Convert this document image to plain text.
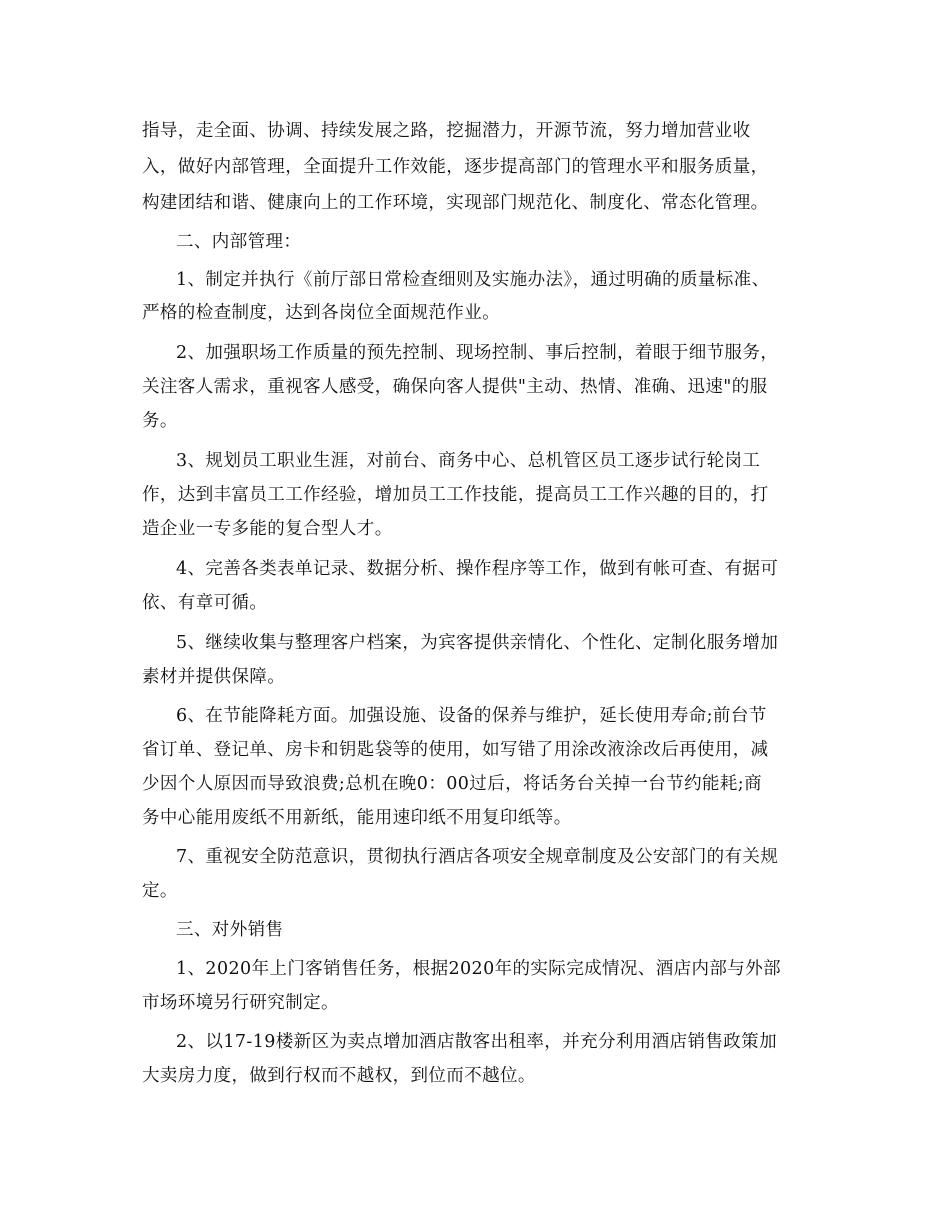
指导，走全面、协调、持续发展之路，挖掘潜力，开源节流，努力增加营业收
入，做好内部管理，全面提升工作效能，逐步提高部门的管理水平和服务质量，
构建团结和谐、健康向上的工作环境，实现部门规范化、制度化、常态化管理。
二、内部管理：
1、制定并执行《前厅部日常检查细则及实施办法》，通过明确的质量标准、
严格的检查制度，达到各岗位全面规范作业。
2、加强职场工作质量的预先控制、现场控制、事后控制，着眼于细节服务，
关注客人需求，重视客人感受，确保向客人提供"主动、热情、准确、迅速"的服
务。
3、规划员工职业生涯，对前台、商务中心、总机管区员工逐步试行轮岗工
作，达到丰富员工工作经验，增加员工工作技能，提高员工工作兴趣的目的，打
造企业一专多能的复合型人才。
4、完善各类表单记录、数据分析、操作程序等工作，做到有帐可查、有据可
依、有章可循。
5、继续收集与整理客户档案，为宾客提供亲情化、个性化、定制化服务增加
素材并提供保障。
6、在节能降耗方面。加强设施、设备的保养与维护，延长使用寿命;前台节
省订单、登记单、房卡和钥匙袋等的使用，如写错了用涂改液涂改后再使用，减
少因个人原因而导致浪费;总机在晚0：00过后，将话务台关掉一台节约能耗;商
务中心能用废纸不用新纸，能用速印纸不用复印纸等。
7、重视安全防范意识，贯彻执行酒店各项安全规章制度及公安部门的有关规
定。
三、对外销售
1、2020年上门客销售任务，根据2020年的实际完成情况、酒店内部与外部
市场环境另行研究制定。
2、以17-19楼新区为卖点增加酒店散客出租率，并充分利用酒店销售政策加
大卖房力度，做到行权而不越权，到位而不越位。
